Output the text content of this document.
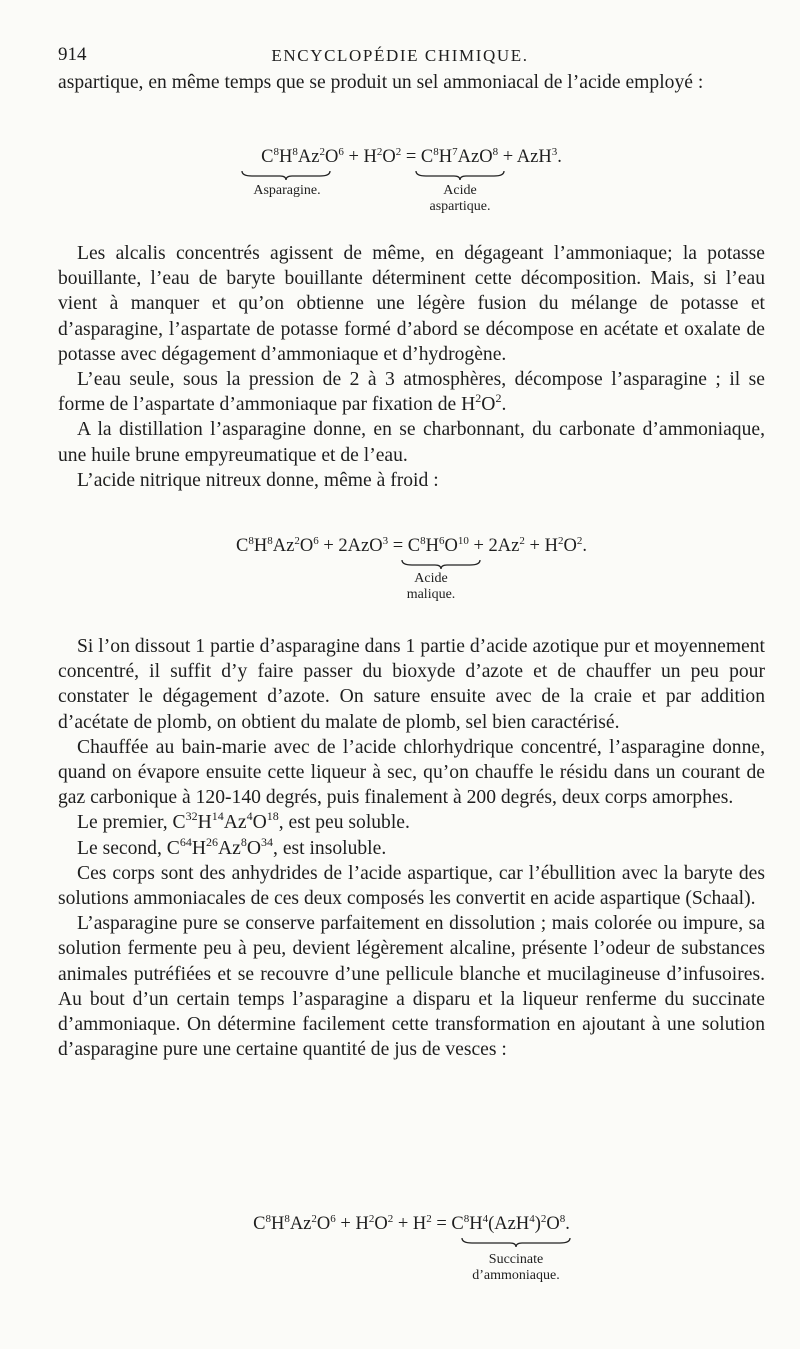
914	ENCYCLOPÉDIE CHIMIQUE.

aspartique, en même temps que se produit un sel ammoniacal de l’acide employé :

$C^8H^8Az^2O^6 + H^2O^2 = C^8H^7AzO^8 + AzH^3$.
Asparagine.	Acide
aspartique.

Les alcalis concentrés agissent de même, en dégageant l’ammoniaque; la potasse bouillante, l’eau de baryte bouillante déterminent cette décomposition. Mais, si l’eau vient à manquer et qu’on obtienne une légère fusion du mélange de potasse et d’asparagine, l’aspartate de potasse formé d’abord se décompose en acétate et oxalate de potasse avec dégagement d’ammoniaque et d’hydrogène.

L’eau seule, sous la pression de 2 à 3 atmosphères, décompose l’asparagine ; il se forme de l’aspartate d’ammoniaque par fixation de $H^2O^2$.

A la distillation l’asparagine donne, en se charbonnant, du carbonate d’ammoniaque, une huile brune empyreumatique et de l’eau.

L’acide nitrique nitreux donne, même à froid :

$C^8H^8Az^2O^6 + 2AzO^3 = C^8H^6O^{10} + 2Az^2 + H^2O^2$.
Acide
malique.

Si l’on dissout 1 partie d’asparagine dans 1 partie d’acide azotique pur et moyennement concentré, il suffit d’y faire passer du bioxyde d’azote et de chauffer un peu pour constater le dégagement d’azote. On sature ensuite avec de la craie et par addition d’acétate de plomb, on obtient du malate de plomb, sel bien caractérisé.

Chauffée au bain-marie avec de l’acide chlorhydrique concentré, l’asparagine donne, quand on évapore ensuite cette liqueur à sec, qu’on chauffe le résidu dans un courant de gaz carbonique à 120-140 degrés, puis finalement à 200 degrés, deux corps amorphes.

Le premier, $C^{32}H^{14}Az^4O^{18}$, est peu soluble.

Le second, $C^{64}H^{26}Az^8O^{34}$, est insoluble.

Ces corps sont des anhydrides de l’acide aspartique, car l’ébullition avec la baryte des solutions ammoniacales de ces deux composés les convertit en acide aspartique (Schaal).

L’asparagine pure se conserve parfaitement en dissolution ; mais colorée ou impure, sa solution fermente peu à peu, devient légèrement alcaline, présente l’odeur de substances animales putréfiées et se recouvre d’une pellicule blanche et mucilagineuse d’infusoires. Au bout d’un certain temps l’asparagine a disparu et la liqueur renferme du succinate d’ammoniaque. On détermine facilement cette transformation en ajoutant à une solution d’asparagine pure une certaine quantité de jus de vesces :

$C^8H^8Az^2O^6 + H^2O^2 + H^2 = C^8H^4(AzH^4)^2O^8$.
Succinate
d’ammoniaque.
